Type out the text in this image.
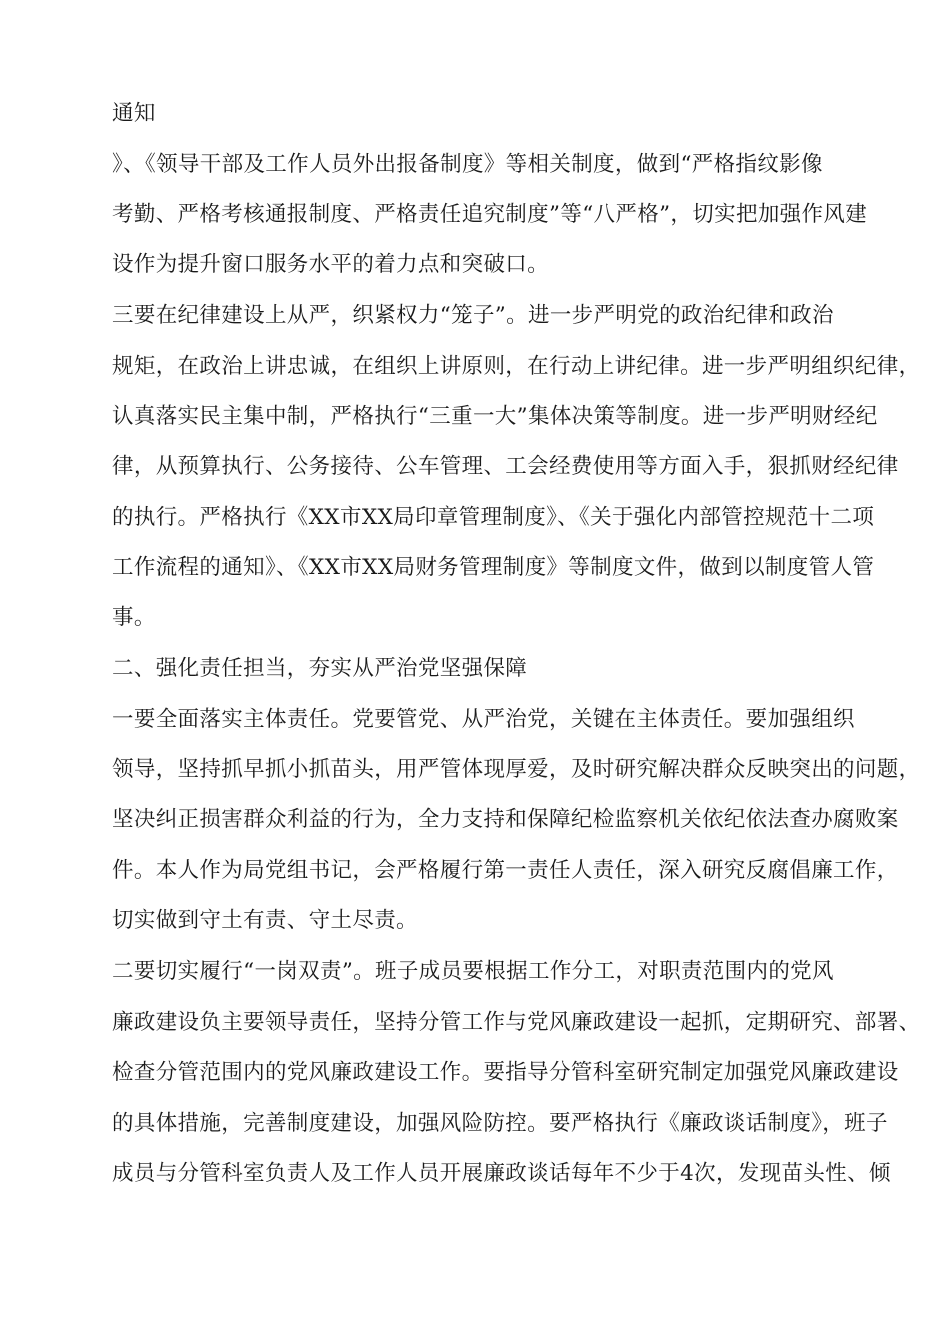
通知
》、《领导干部及工作人员外出报备制度》等相关制度，做到“严格指纹影像
考勤、严格考核通报制度、严格责任追究制度”等“八严格”，切实把加强作风建
设作为提升窗口服务水平的着力点和突破口。
三要在纪律建设上从严，织紧权力“笼子”。进一步严明党的政治纪律和政治
规矩，在政治上讲忠诚，在组织上讲原则，在行动上讲纪律。进一步严明组织纪律，
认真落实民主集中制，严格执行“三重一大”集体决策等制度。进一步严明财经纪
律，从预算执行、公务接待、公车管理、工会经费使用等方面入手，狠抓财经纪律
的执行。严格执行《XX市XX局印章管理制度》、《关于强化内部管控规范十二项
工作流程的通知》、《XX市XX局财务管理制度》等制度文件，做到以制度管人管
事。
二、强化责任担当，夯实从严治党坚强保障
一要全面落实主体责任。党要管党、从严治党，关键在主体责任。要加强组织
领导，坚持抓早抓小抓苗头，用严管体现厚爱，及时研究解决群众反映突出的问题，
坚决纠正损害群众利益的行为，全力支持和保障纪检监察机关依纪依法查办腐败案
件。本人作为局党组书记，会严格履行第一责任人责任，深入研究反腐倡廉工作，
切实做到守土有责、守土尽责。
二要切实履行“一岗双责”。班子成员要根据工作分工，对职责范围内的党风
廉政建设负主要领导责任，坚持分管工作与党风廉政建设一起抓，定期研究、部署、
检查分管范围内的党风廉政建设工作。要指导分管科室研究制定加强党风廉政建设
的具体措施，完善制度建设，加强风险防控。要严格执行《廉政谈话制度》，班子
成员与分管科室负责人及工作人员开展廉政谈话每年不少于4次，发现苗头性、倾
